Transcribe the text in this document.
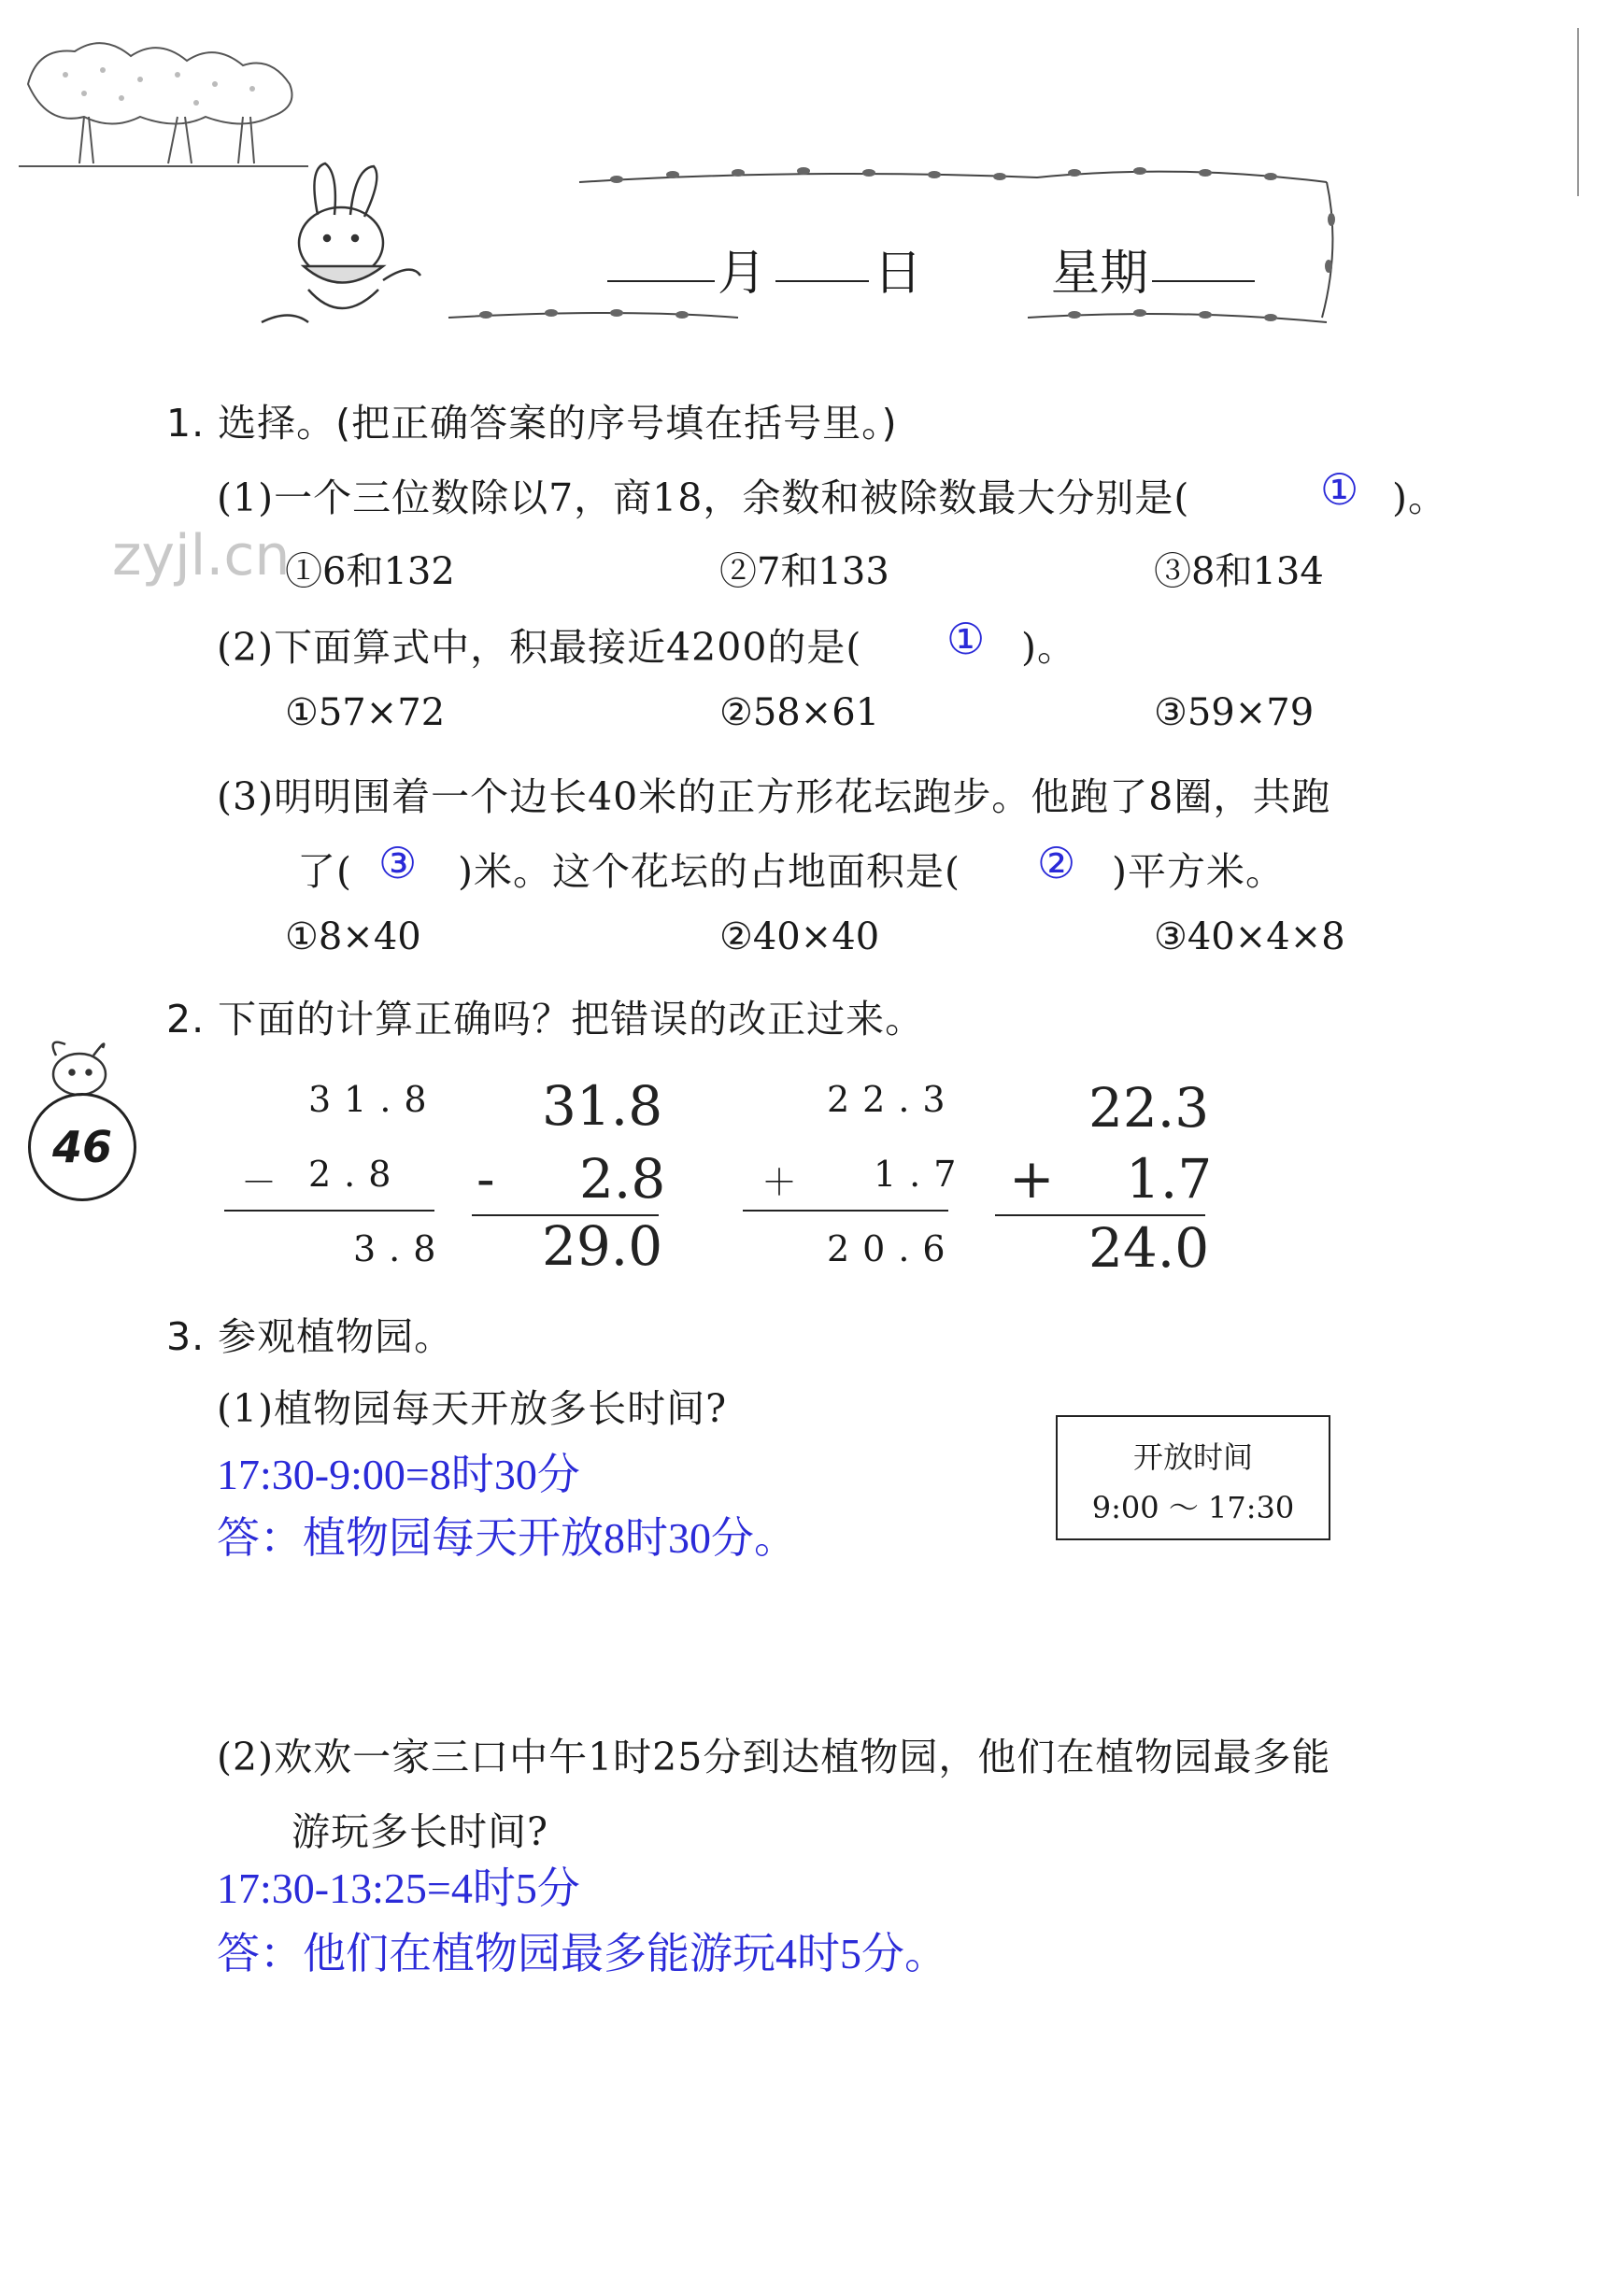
月 日	星期
zyjl.cn
46
1. 选择。(把正确答案的序号填在括号里。)
(1)一个三位数除以7，商18，余数和被除数最大分别是(	① )。
①6和132	②7和133	③8和134
(2)下面算式中，积最接近4200的是( ① )。
①57×72	②58×61	③59×79
(3)明明围着一个边长40米的正方形花坛跑步。他跑了8圈，共跑
了( ③ )米。这个花坛的占地面积是( ② )平方米。
①8×40	②40×40	③40×4×8
2. 下面的计算正确吗？把错误的改正过来。
31.8
－ 2.8
3.8
31.8
- 2.8
29.0
22.3
＋ 1.7
20.6
22.3
+ 1.7
24.0
3. 参观植物园。
(1)植物园每天开放多长时间?
17:30-9:00=8时30分
答：植物园每天开放8时30分。
开放时间
9:00 ～ 17:30
(2)欢欢一家三口中午1时25分到达植物园，他们在植物园最多能
游玩多长时间?
17:30-13:25=4时5分
答：他们在植物园最多能游玩4时5分。
